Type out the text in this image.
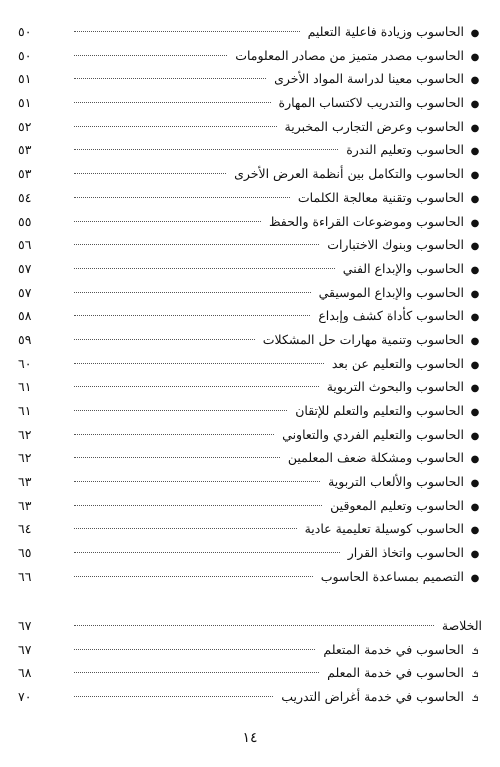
●
الحاسوب وزيادة فاعلية التعليم
٥٠
●
الحاسوب مصدر متميز من مصادر المعلومات
٥٠
●
الحاسوب معينا لدراسة المواد الأخرى
٥١
●
الحاسوب والتدريب لاكتساب المهارة
٥١
●
الحاسوب وعرض التجارب المخبرية
٥٢
●
الحاسوب وتعليم الندرة
٥٣
●
الحاسوب والتكامل بين أنظمة العرض الأخرى
٥٣
●
الحاسوب وتقنية معالجة الكلمات
٥٤
●
الحاسوب وموضوعات القراءة والحفظ
٥٥
●
الحاسوب وبنوك الاختبارات
٥٦
●
الحاسوب والإبداع الفني
٥٧
●
الحاسوب والإبداع الموسيقي
٥٧
●
الحاسوب كأداة كشف وإبداع
٥٨
●
الحاسوب وتنمية مهارات حل المشكلات
٥٩
●
الحاسوب والتعليم عن بعد
٦٠
●
الحاسوب والبحوث التربوية
٦١
●
الحاسوب والتعليم والتعلم للإتقان
٦١
●
الحاسوب والتعليم الفردي والتعاوني
٦٢
●
الحاسوب ومشكلة ضعف المعلمين
٦٢
●
الحاسوب والألعاب التربوية
٦٣
●
الحاسوب وتعليم المعوقين
٦٣
●
الحاسوب كوسيلة تعليمية عادية
٦٤
●
الحاسوب واتخاذ القرار
٦٥
●
التصميم بمساعدة الحاسوب
٦٦
الخلاصة
٦٧
ܭ
الحاسوب في خدمة المتعلم
٦٧
ܭ
الحاسوب في خدمة المعلم
٦٨
ܭ
الحاسوب في خدمة أغراض التدريب
٧٠
١٤
